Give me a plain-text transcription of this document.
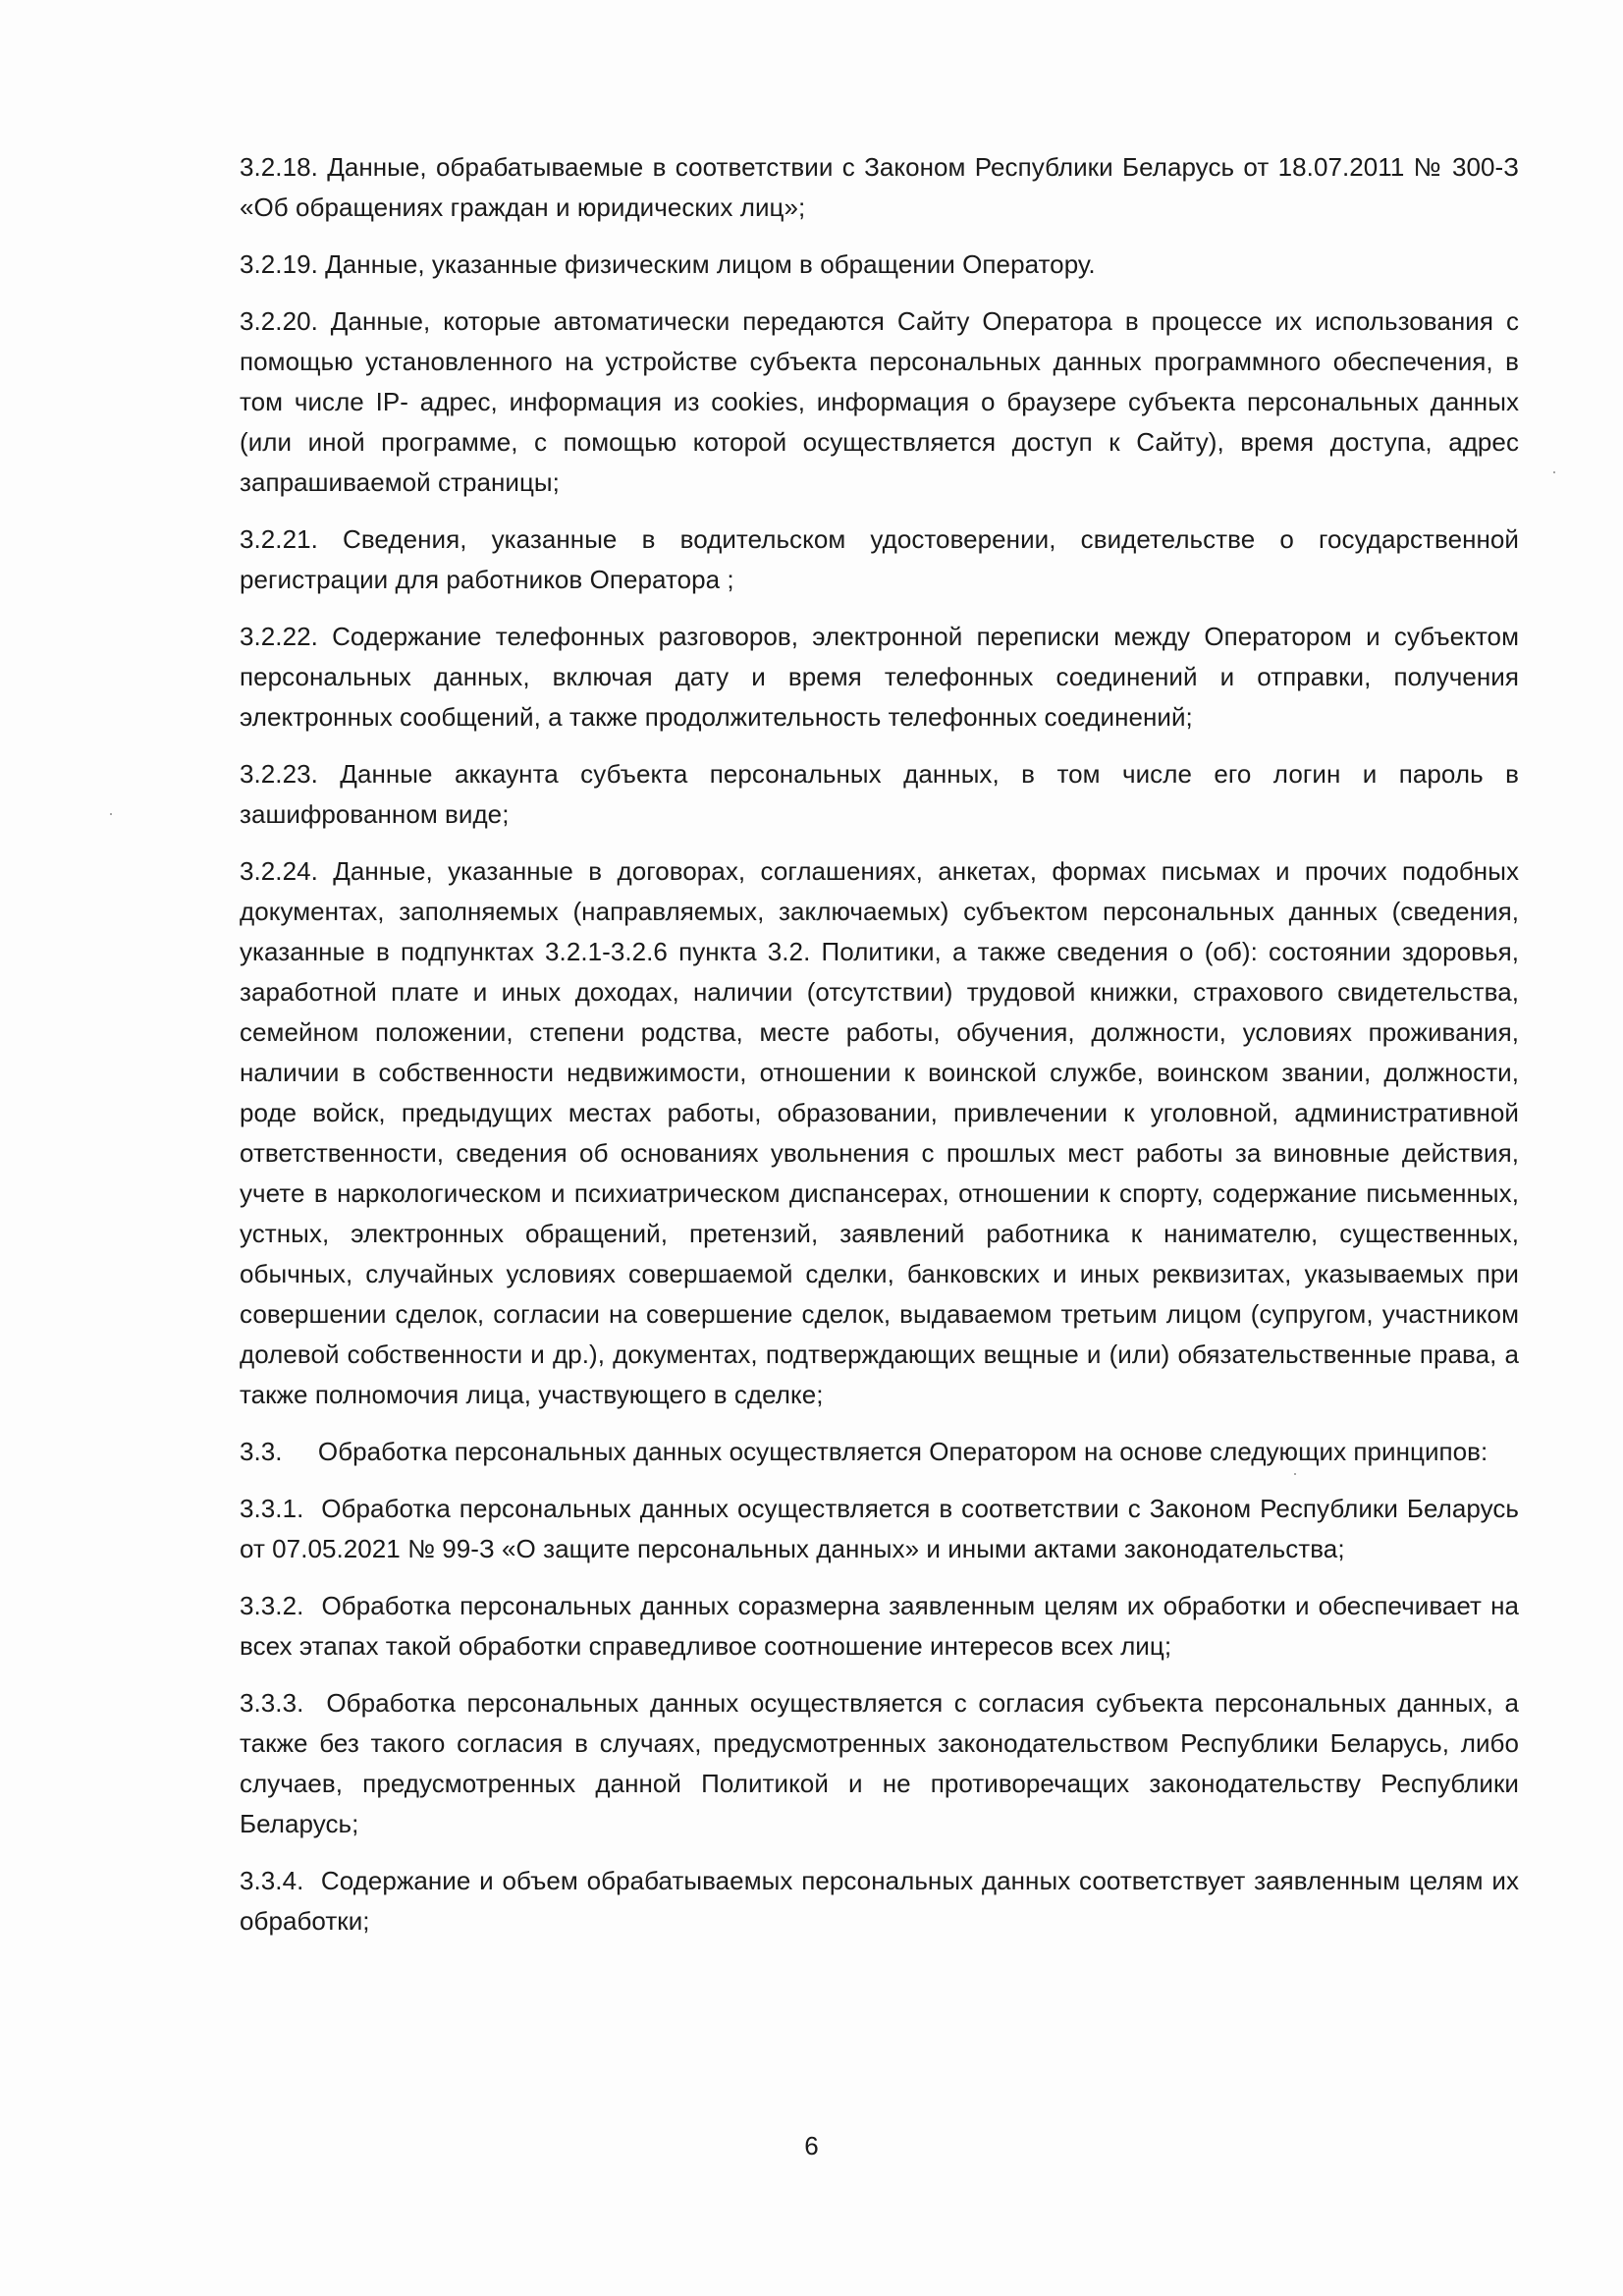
3.2.18. Данные, обрабатываемые в соответствии с Законом Республики Беларусь от 18.07.2011 № 300-З «Об обращениях граждан и юридических лиц»;

3.2.19. Данные, указанные физическим лицом в обращении Оператору.

3.2.20. Данные, которые автоматически передаются Сайту Оператора в процессе их использования с помощью установленного на устройстве субъекта персональных данных программного обеспечения, в том числе IP- адрес, информация из cookies, информация о браузере субъекта персональных данных (или иной программе, с помощью которой осуществляется доступ к Сайту), время доступа, адрес запрашиваемой страницы;

3.2.21. Сведения, указанные в водительском удостоверении, свидетельстве о государственной регистрации для работников Оператора ;

3.2.22. Содержание телефонных разговоров, электронной переписки между Оператором и субъектом персональных данных, включая дату и время телефонных соединений и отправки, получения электронных сообщений, а также продолжительность телефонных соединений;

3.2.23. Данные аккаунта субъекта персональных данных, в том числе его логин и пароль в зашифрованном виде;

3.2.24. Данные, указанные в договорах, соглашениях, анкетах, формах письмах и прочих подобных документах, заполняемых (направляемых, заключаемых) субъектом персональных данных (сведения, указанные в подпунктах 3.2.1-3.2.6 пункта 3.2. Политики, а также сведения о (об): состоянии здоровья, заработной плате и иных доходах, наличии (отсутствии) трудовой книжки, страхового свидетельства, семейном положении, степени родства, месте работы, обучения, должности, условиях проживания, наличии в собственности недвижимости, отношении к воинской службе, воинском звании, должности, роде войск, предыдущих местах работы, образовании, привлечении к уголовной, административной ответственности, сведения об основаниях увольнения с прошлых мест работы за виновные действия, учете в наркологическом и психиатрическом диспансерах, отношении к спорту, содержание письменных, устных, электронных обращений, претензий, заявлений работника к нанимателю, существенных, обычных, случайных условиях совершаемой сделки, банковских и иных реквизитах, указываемых при совершении сделок, согласии на совершение сделок, выдаваемом третьим лицом (супругом, участником долевой собственности и др.), документах, подтверждающих вещные и (или) обязательственные права, а также полномочия лица, участвующего в сделке;

3.3.     Обработка персональных данных осуществляется Оператором на основе следующих принципов:

3.3.1.  Обработка персональных данных осуществляется в соответствии с Законом Республики Беларусь от 07.05.2021 № 99-З «О защите персональных данных» и иными актами законодательства;

3.3.2.  Обработка персональных данных соразмерна заявленным целям их обработки и обеспечивает на всех этапах такой обработки справедливое соотношение интересов всех лиц;

3.3.3.  Обработка персональных данных осуществляется с согласия субъекта персональных данных, а также без такого согласия в случаях, предусмотренных законодательством Республики Беларусь, либо случаев, предусмотренных данной Политикой и не противоречащих законодательству Республики Беларусь;

3.3.4.  Содержание и объем обрабатываемых персональных данных соответствует заявленным целям их обработки;

6
